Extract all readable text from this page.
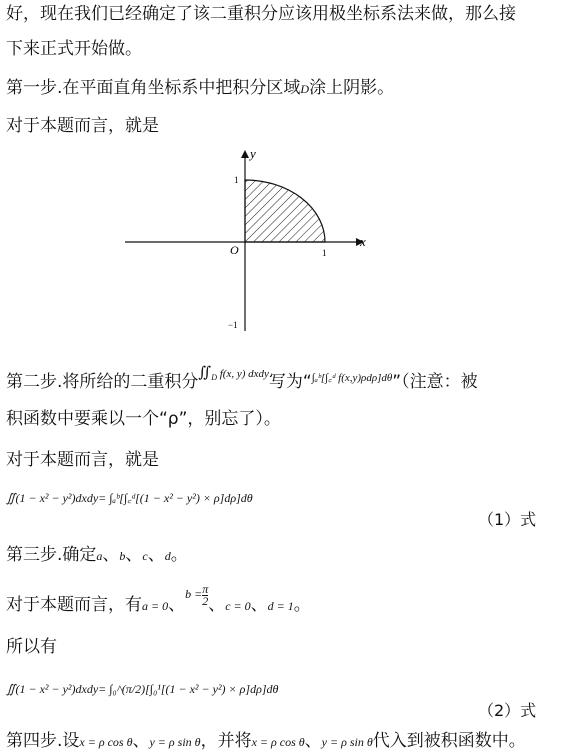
好，现在我们已经确定了该二重积分应该用极坐标系法来做，那么接
下来正式开始做。
第一步.在平面直角坐标系中把积分区域D涂上阴影。
对于本题而言，就是
x
y
O	1
1
−1
第二步.将所给的二重积分$^{∬_D f(x, y) dxdy}$写为“$^{\int_aᵇ[\int꜀ᵈ f(x,y)\rho d\rho]d\theta}$”（注意：被
积函数中要乘以一个“ρ”，别忘了）。
对于本题而言，就是
∬(1 − x² − y²)dxdy= ∫ₐᵇ[∫꜀ᵈ[(1 − x² − y²) × ρ]dρ]dθ
（1）式
第三步.确定a、b、c、d。
对于本题而言，有a = 0、$b = \frac{\pi}{2}$ 、c = 0、d = 1。
所以有
∬(1 − x² − y²)dxdy= ∫₀^(π/2)[∫₀¹[(1 − x² − y²) × ρ]dρ]dθ
（2）式
第四步.设x = ρ cos θ、y = ρ sin θ，并将x = ρ cos θ、y = ρ sin θ代入到被积函数中。
